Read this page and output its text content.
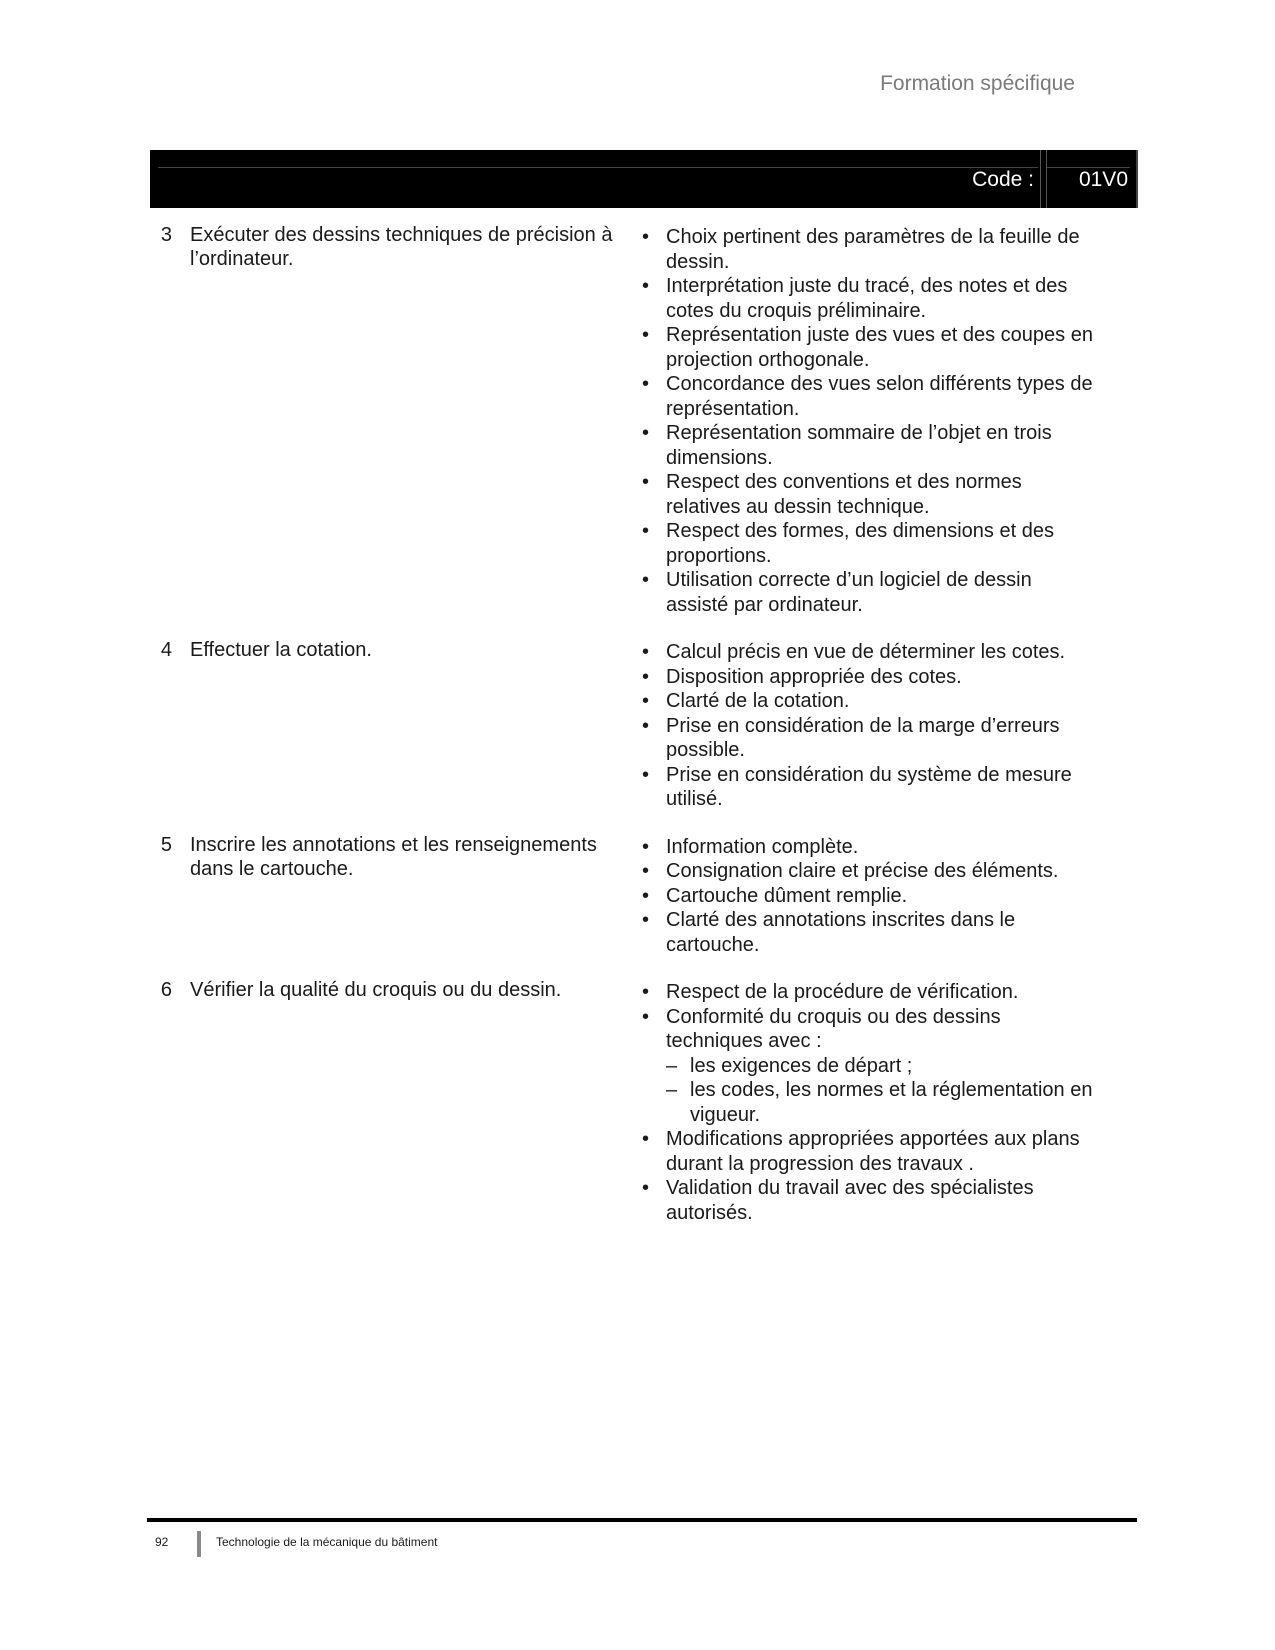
Formation spécifique
Code :	01V0
3 Exécuter des dessins techniques de précision à l’ordinateur.
• Choix pertinent des paramètres de la feuille de dessin.
• Interprétation juste du tracé, des notes et des cotes du croquis préliminaire.
• Représentation juste des vues et des coupes en projection orthogonale.
• Concordance des vues selon différents types de représentation.
• Représentation sommaire de l’objet en trois dimensions.
• Respect des conventions et des normes relatives au dessin technique.
• Respect des formes, des dimensions et des proportions.
• Utilisation correcte d’un logiciel de dessin assisté par ordinateur.
4 Effectuer la cotation.	• Calcul précis en vue de déterminer les cotes.
• Disposition appropriée des cotes.
• Clarté de la cotation.
• Prise en considération de la marge d’erreurs possible.
• Prise en considération du système de mesure utilisé.
5 Inscrire les annotations et les renseignements dans le cartouche.
• Information complète.
• Consignation claire et précise des éléments.
• Cartouche dûment remplie.
• Clarté des annotations inscrites dans le cartouche.
6 Vérifier la qualité du croquis ou du dessin.	• Respect de la procédure de vérification.
• Conformité du croquis ou des dessins techniques avec :
– les exigences de départ ;
– les codes, les normes et la réglementation en vigueur.
• Modifications appropriées apportées aux plans durant la progression des travaux .
• Validation du travail avec des spécialistes autorisés.
92	Technologie de la mécanique du bâtiment
